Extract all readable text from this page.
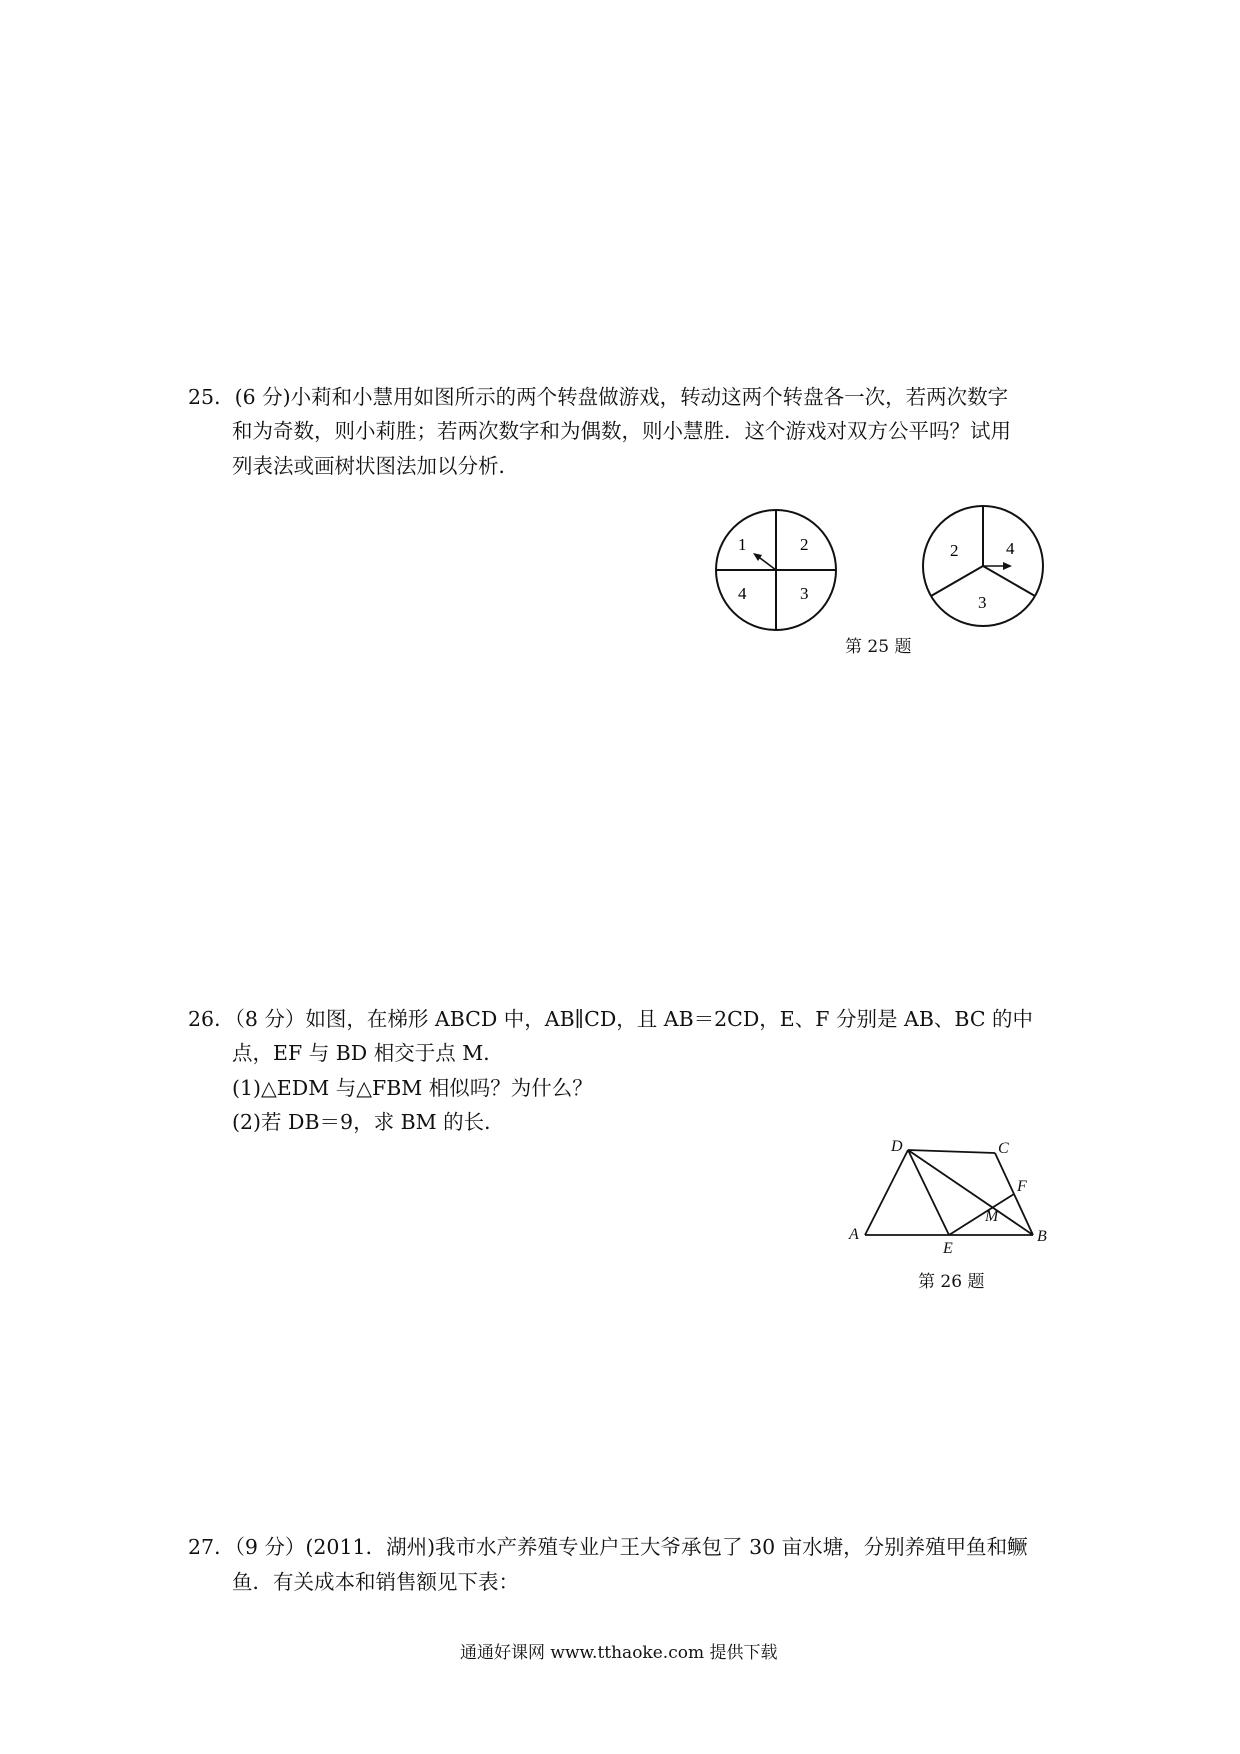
25．(6 分)小莉和小慧用如图所示的两个转盘做游戏，转动这两个转盘各一次，若两次数字
和为奇数，则小莉胜；若两次数字和为偶数，则小慧胜．这个游戏对双方公平吗？试用
列表法或画树状图法加以分析．
1	2
4	3
2	4
3
第 25 题
26．（8 分）如图，在梯形 ABCD 中，AB∥CD，且 AB＝2CD，E、F 分别是 AB、BC 的中
点，EF 与 BD 相交于点 M．
(1)△EDM 与△FBM 相似吗？为什么？
(2)若 DB＝9，求 BM 的长．
D	C
F
M
A
E
B
第 26 题
27．（9 分）(2011．湖州)我市水产养殖专业户王大爷承包了 30 亩水塘，分别养殖甲鱼和鳜
鱼．有关成本和销售额见下表：
通通好课网 www.tthaoke.com 提供下载
